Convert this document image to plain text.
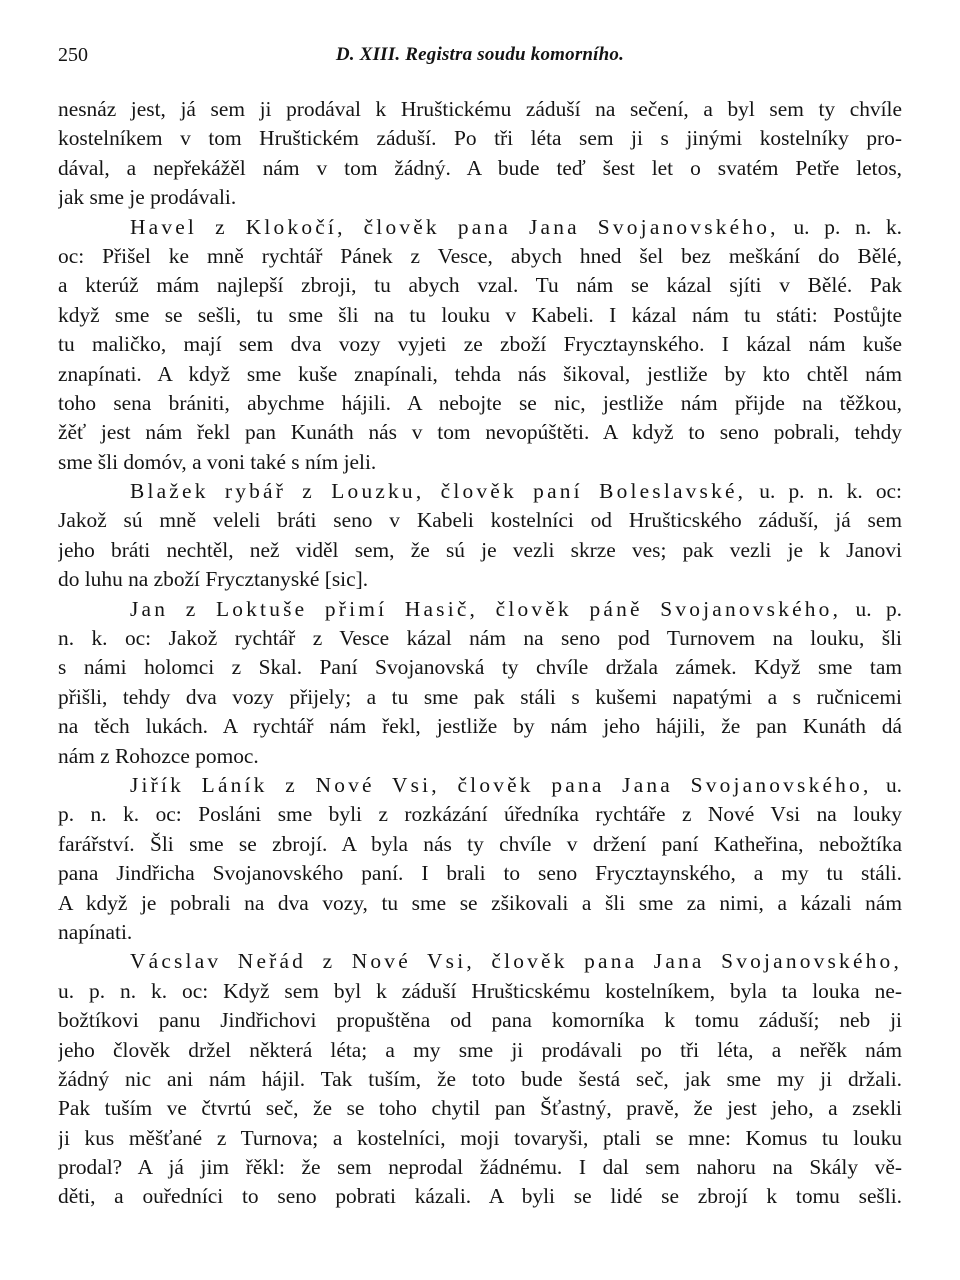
250	D. XIII. Registra soudu komorního.
nesnáz jest, já sem ji prodával k Hruštickému záduší na sečení, a byl sem ty chvíle
kostelníkem v tom Hruštickém záduší. Po tři léta sem ji s jinými kostelníky pro-
dával, a nepřekážěl nám v tom žádný. A bude teď šest let o svatém Petře letos,
jak sme je prodávali.
Havel z Klokočí, člověk pana Jana Svojanovského, u. p. n. k.
oc: Přišel ke mně rychtář Pánek z Vesce, abych hned šel bez meškání do Bělé,
a kterúž mám najlepší zbroji, tu abych vzal. Tu nám se kázal sjíti v Bělé. Pak
když sme se sešli, tu sme šli na tu louku v Kabeli. I kázal nám tu státi: Postůjte
tu maličko, mají sem dva vozy vyjeti ze zboží Frycztaynského. I kázal nám kuše
znapínati. A když sme kuše znapínali, tehda nás šikoval, jestliže by kto chtěl nám
toho sena brániti, abychme hájili. A nebojte se nic, jestliže nám přijde na těžkou,
žěť jest nám řekl pan Kunáth nás v tom nevopúštěti. A když to seno pobrali, tehdy
sme šli domóv, a voni také s ním jeli.
Blažek rybář z Louzku, člověk paní Boleslavské, u. p. n. k. oc:
Jakož sú mně veleli bráti seno v Kabeli kostelníci od Hrušticského záduší, já sem
jeho bráti nechtěl, než viděl sem, že sú je vezli skrze ves; pak vezli je k Janovi
do luhu na zboží Frycztanyské [sic].
Jan z Loktuše přimí Hasič, člověk páně Svojanovského, u. p.
n. k. oc: Jakož rychtář z Vesce kázal nám na seno pod Turnovem na louku, šli
s námi holomci z Skal. Paní Svojanovská ty chvíle držala zámek. Když sme tam
přišli, tehdy dva vozy přijely; a tu sme pak stáli s kušemi napatými a s ručnicemi
na těch lukách. A rychtář nám řekl, jestliže by nám jeho hájili, že pan Kunáth dá
nám z Rohozce pomoc.
Jiřík Láník z Nové Vsi, člověk pana Jana Svojanovského, u.
p. n. k. oc: Posláni sme byli z rozkázání úředníka rychtáře z Nové Vsi na louky
farářství. Šli sme se zbrojí. A byla nás ty chvíle v držení paní Katheřina, nebožtíka
pana Jindřicha Svojanovského paní. I brali to seno Frycztaynského, a my tu stáli.
A když je pobrali na dva vozy, tu sme se zšikovali a šli sme za nimi, a kázali nám
napínati.
Vácslav Neřád z Nové Vsi, člověk pana Jana Svojanovského,
u. p. n. k. oc: Když sem byl k záduší Hrušticskému kostelníkem, byla ta louka ne-
božtíkovi panu Jindřichovi propuštěna od pana komorníka k tomu záduší; neb ji
jeho člověk držel některá léta; a my sme ji prodávali po tři léta, a neřěk nám
žádný nic ani nám hájil. Tak tuším, že toto bude šestá seč, jak sme my ji držali.
Pak tuším ve čtvrtú seč, že se toho chytil pan Šťastný, pravě, že jest jeho, a zsekli
ji kus měšťané z Turnova; a kostelníci, moji tovaryši, ptali se mne: Komus tu louku
prodal? A já jim řěkl: že sem neprodal žádnému. I dal sem nahoru na Skály vě-
děti, a ouředníci to seno pobrati kázali. A byli se lidé se zbrojí k tomu sešli.
